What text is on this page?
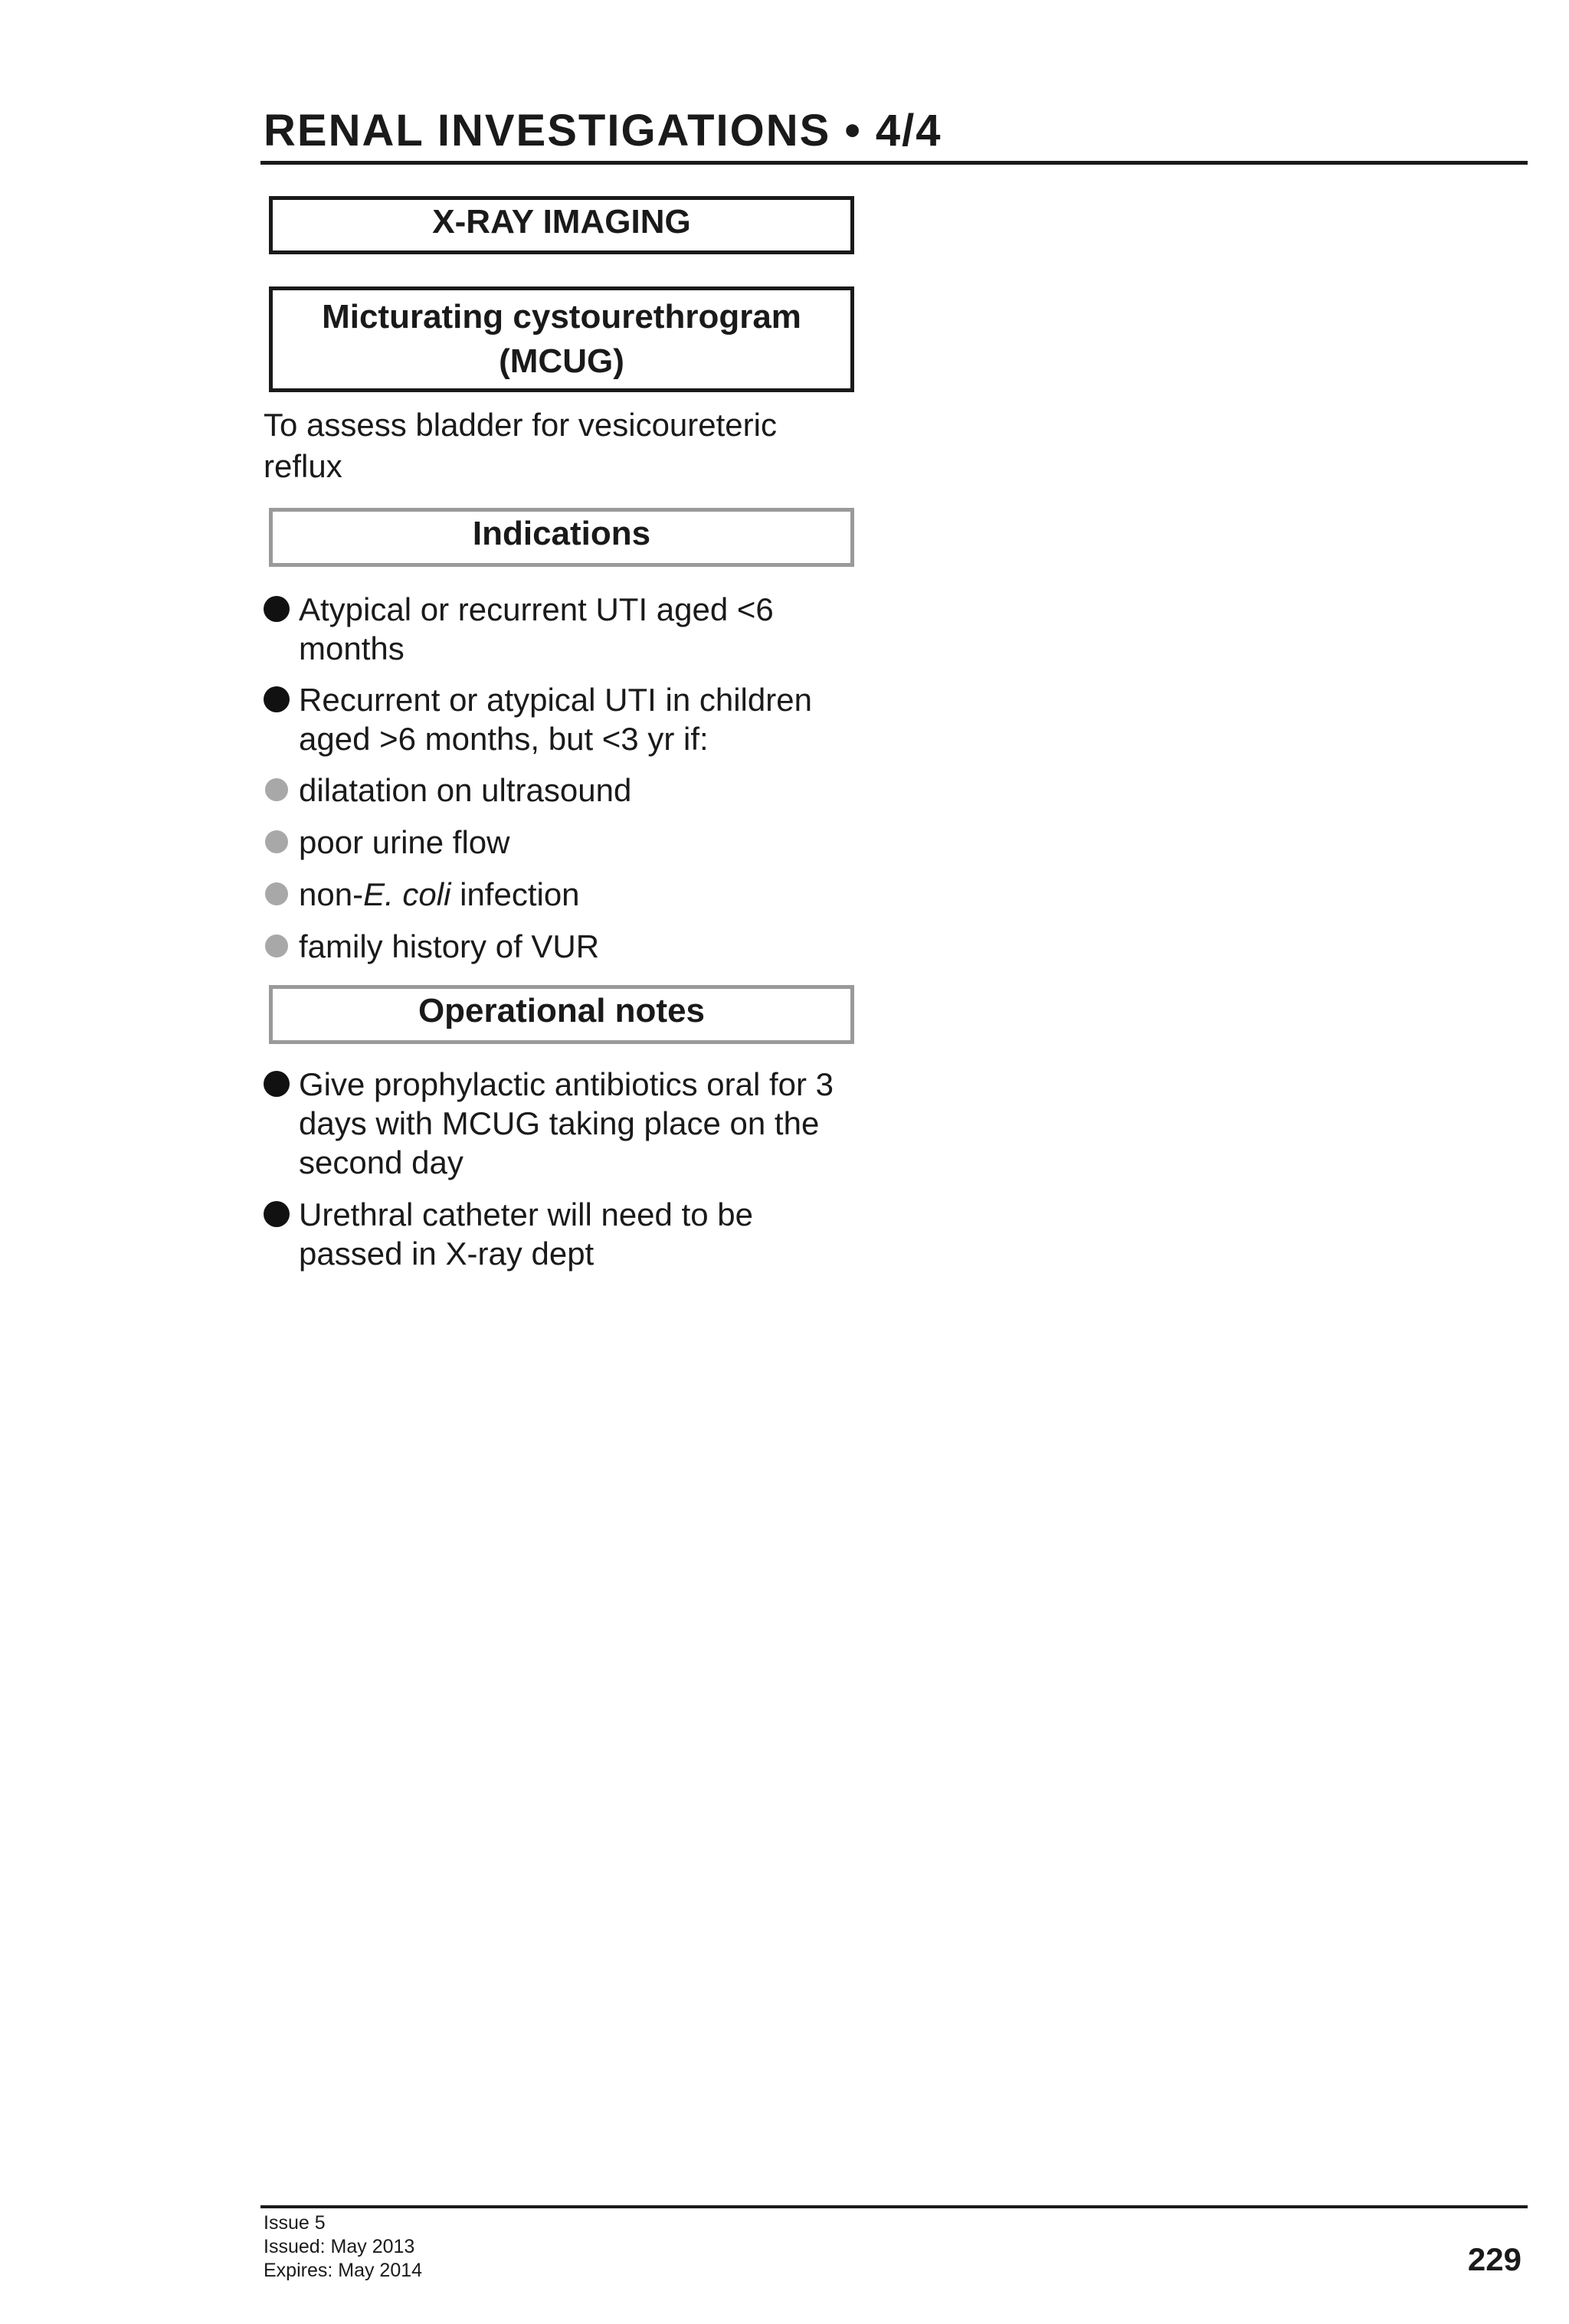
RENAL INVESTIGATIONS • 4/4
X-RAY IMAGING
Micturating cystourethrogram
(MCUG)
To assess bladder for vesicoureteric reflux
Indications
Atypical or recurrent UTI aged <6 months
Recurrent or atypical UTI in children aged >6 months, but <3 yr if:
dilatation on ultrasound
poor urine flow
non-E. coli infection
family history of VUR
Operational notes
Give prophylactic antibiotics oral for 3 days with MCUG taking place on the second day
Urethral catheter will need to be passed in X-ray dept
Issue 5
Issued: May 2013
Expires: May 2014	229
